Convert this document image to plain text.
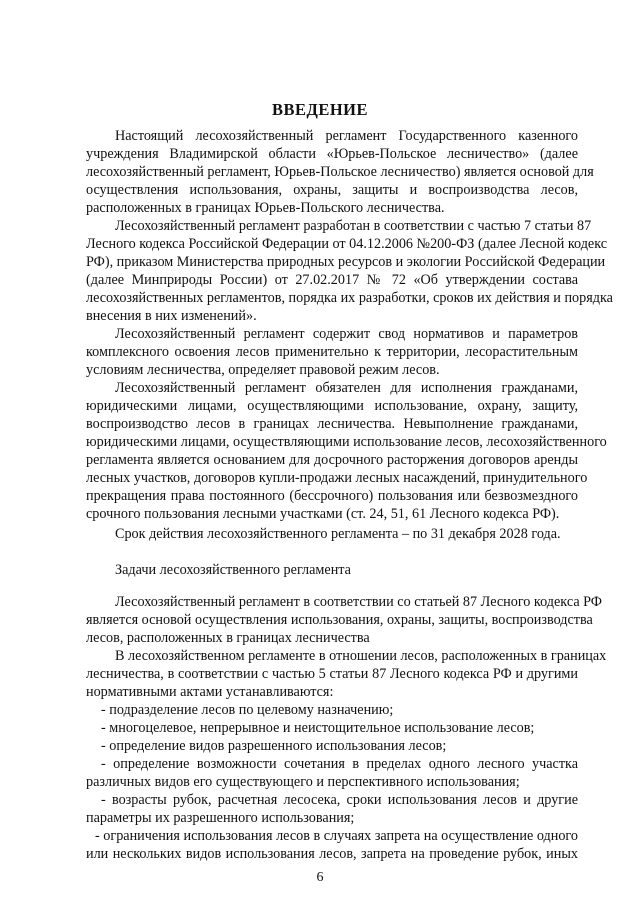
ВВЕДЕНИЕ
Настоящий лесохозяйственный регламент Государственного казенного
учреждения Владимирской области «Юрьев-Польское лесничество» (далее
лесохозяйственный регламент, Юрьев-Польское лесничество) является основой для
осуществления использования, охраны, защиты и воспроизводства лесов,
расположенных в границах Юрьев-Польского лесничества.
Лесохозяйственный регламент разработан в соответствии с частью 7 статьи 87
Лесного кодекса Российской Федерации от 04.12.2006 №200-ФЗ (далее Лесной кодекс
РФ), приказом Министерства природных ресурсов и экологии Российской Федерации
(далее Минприроды России) от 27.02.2017 № 72 «Об утверждении состава
лесохозяйственных регламентов, порядка их разработки, сроков их действия и порядка
внесения в них изменений».
Лесохозяйственный регламент содержит свод нормативов и параметров
комплексного освоения лесов применительно к территории, лесорастительным
условиям лесничества, определяет правовой режим лесов.
Лесохозяйственный регламент обязателен для исполнения гражданами,
юридическими лицами, осуществляющими использование, охрану, защиту,
воспроизводство лесов в границах лесничества. Невыполнение гражданами,
юридическими лицами, осуществляющими использование лесов, лесохозяйственного
регламента является основанием для досрочного расторжения договоров аренды
лесных участков, договоров купли-продажи лесных насаждений, принудительного
прекращения права постоянного (бессрочного) пользования или безвозмездного
срочного пользования лесными участками (ст. 24, 51, 61 Лесного кодекса РФ).
Срок действия лесохозяйственного регламента – по 31 декабря 2028 года.
Задачи лесохозяйственного регламента
Лесохозяйственный регламент в соответствии со статьей 87 Лесного кодекса РФ
является основой осуществления использования, охраны, защиты, воспроизводства
лесов, расположенных в границах лесничества
В лесохозяйственном регламенте в отношении лесов, расположенных в границах
лесничества, в соответствии с частью 5 статьи 87 Лесного кодекса РФ и другими
нормативными актами устанавливаются:
- подразделение лесов по целевому назначению;
- многоцелевое, непрерывное и неистощительное использование лесов;
- определение видов разрешенного использования лесов;
- определение возможности сочетания в пределах одного лесного участка
различных видов его существующего и перспективного использования;
- возрасты рубок, расчетная лесосека, сроки использования лесов и другие
параметры их разрешенного использования;
- ограничения использования лесов в случаях запрета на осуществление одного
или нескольких видов использования лесов, запрета на проведение рубок, иных
6
